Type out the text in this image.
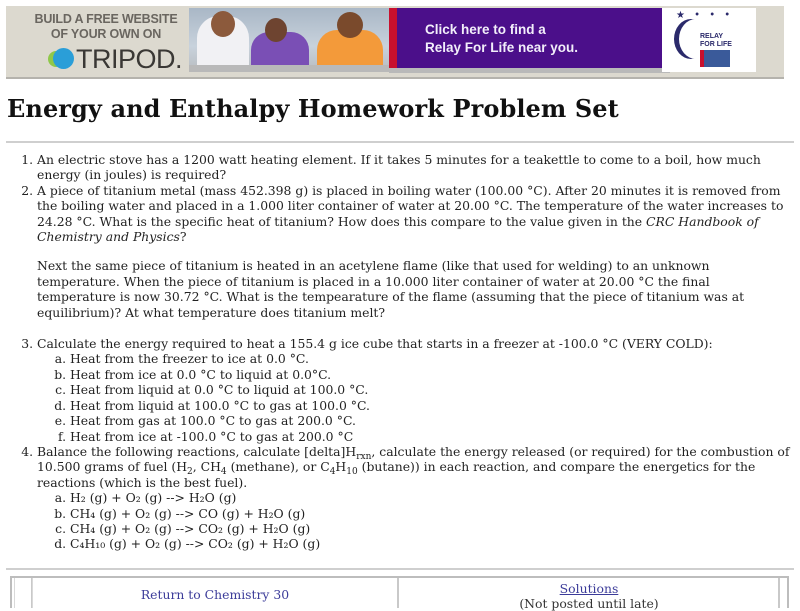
BUILD A FREE WEBSITE
OF YOUR OWN ON
TRIPOD.
Click here to find a
Relay For Life near you.
★ • • •
RELAY
FOR LIFE
Energy and Enthalpy Homework Problem Set
1. An electric stove has a 1200 watt heating element. If it takes 5 minutes for a teakettle to come to a boil, how much energy (in joules) is required?
2. A piece of titanium metal (mass 452.398 g) is placed in boiling water (100.00 °C). After 20 minutes it is removed from the boiling water and placed in a 1.000 liter container of water at 20.00 °C. The temperature of the water increases to 24.28 °C. What is the specific heat of titanium? How does this compare to the value given in the CRC Handbook of Chemistry and Physics?
Next the same piece of titanium is heated in an acetylene flame (like that used for welding) to an unknown temperature. When the piece of titanium is placed in a 10.000 liter container of water at 20.00 °C the final temperature is now 30.72 °C. What is the tempearature of the flame (assuming that the piece of titanium was at equilibrium)? At what temperature does titanium melt?
3. Calculate the energy required to heat a 155.4 g ice cube that starts in a freezer at -100.0 °C (VERY COLD):
a. Heat from the freezer to ice at 0.0 °C.
b. Heat from ice at 0.0 °C to liquid at 0.0°C.
c. Heat from liquid at 0.0 °C to liquid at 100.0 °C.
d. Heat from liquid at 100.0 °C to gas at 100.0 °C.
e. Heat from gas at 100.0 °C to gas at 200.0 °C.
f. Heat from ice at -100.0 °C to gas at 200.0 °C
4. Balance the following reactions, calculate $[delta]H_{rxn}$, calculate the energy released (or required) for the combustion of 10.500 grams of fuel ($H_2$, $CH_4$ (methane), or $C_4H_{10}$ (butane)) in each reaction, and compare the energetics for the reactions (which is the best fuel).
a. H₂ (g) + O₂ (g) --> H₂O (g)
b. CH₄ (g) + O₂ (g) --> CO (g) + H₂O (g)
c. CH₄ (g) + O₂ (g) --> CO₂ (g) + H₂O (g)
d. C₄H₁₀ (g) + O₂ (g) --> CO₂ (g) + H₂O (g)
Return to Chemistry 30	Solutions
(Not posted until late)
